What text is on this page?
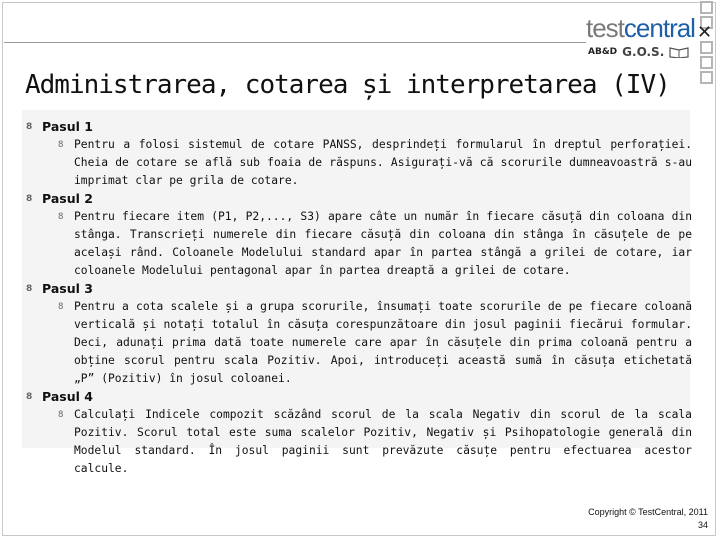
✕
testcentral
AB&D G.O.S.
Administrarea, cotarea și interpretarea (IV)
8 Pasul 1
8 Pentru a folosi sistemul de cotare PANSS, desprindeți formularul în dreptul perforației. Cheia de cotare se află sub foaia de răspuns. Asigurați-vă că scorurile dumneavoastră s-au imprimat clar pe grila de cotare.
8 Pasul 2
8 Pentru fiecare item (P1, P2,..., S3) apare câte un număr în fiecare căsuță din coloana din stânga. Transcrieți numerele din fiecare căsuță din coloana din stânga în căsuțele de pe același rând. Coloanele Modelului standard apar în partea stângă a grilei de cotare, iar coloanele Modelului pentagonal apar în partea dreaptă a grilei de cotare.
8 Pasul 3
8 Pentru a cota scalele și a grupa scorurile, însumați toate scorurile de pe fiecare coloană verticală și notați totalul în căsuța corespunzătoare din josul paginii fiecărui formular. Deci, adunați prima dată toate numerele care apar în căsuțele din prima coloană pentru a obține scorul pentru scala Pozitiv. Apoi, introduceți această sumă în căsuța etichetată „P” (Pozitiv) în josul coloanei.
8 Pasul 4
8 Calculați Indicele compozit scăzând scorul de la scala Negativ din scorul de la scala Pozitiv. Scorul total este suma scalelor Pozitiv, Negativ și Psihopatologie generală din Modelul standard. În josul paginii sunt prevăzute căsuțe pentru efectuarea acestor calcule.
Copyright © TestCentral, 2011
34
